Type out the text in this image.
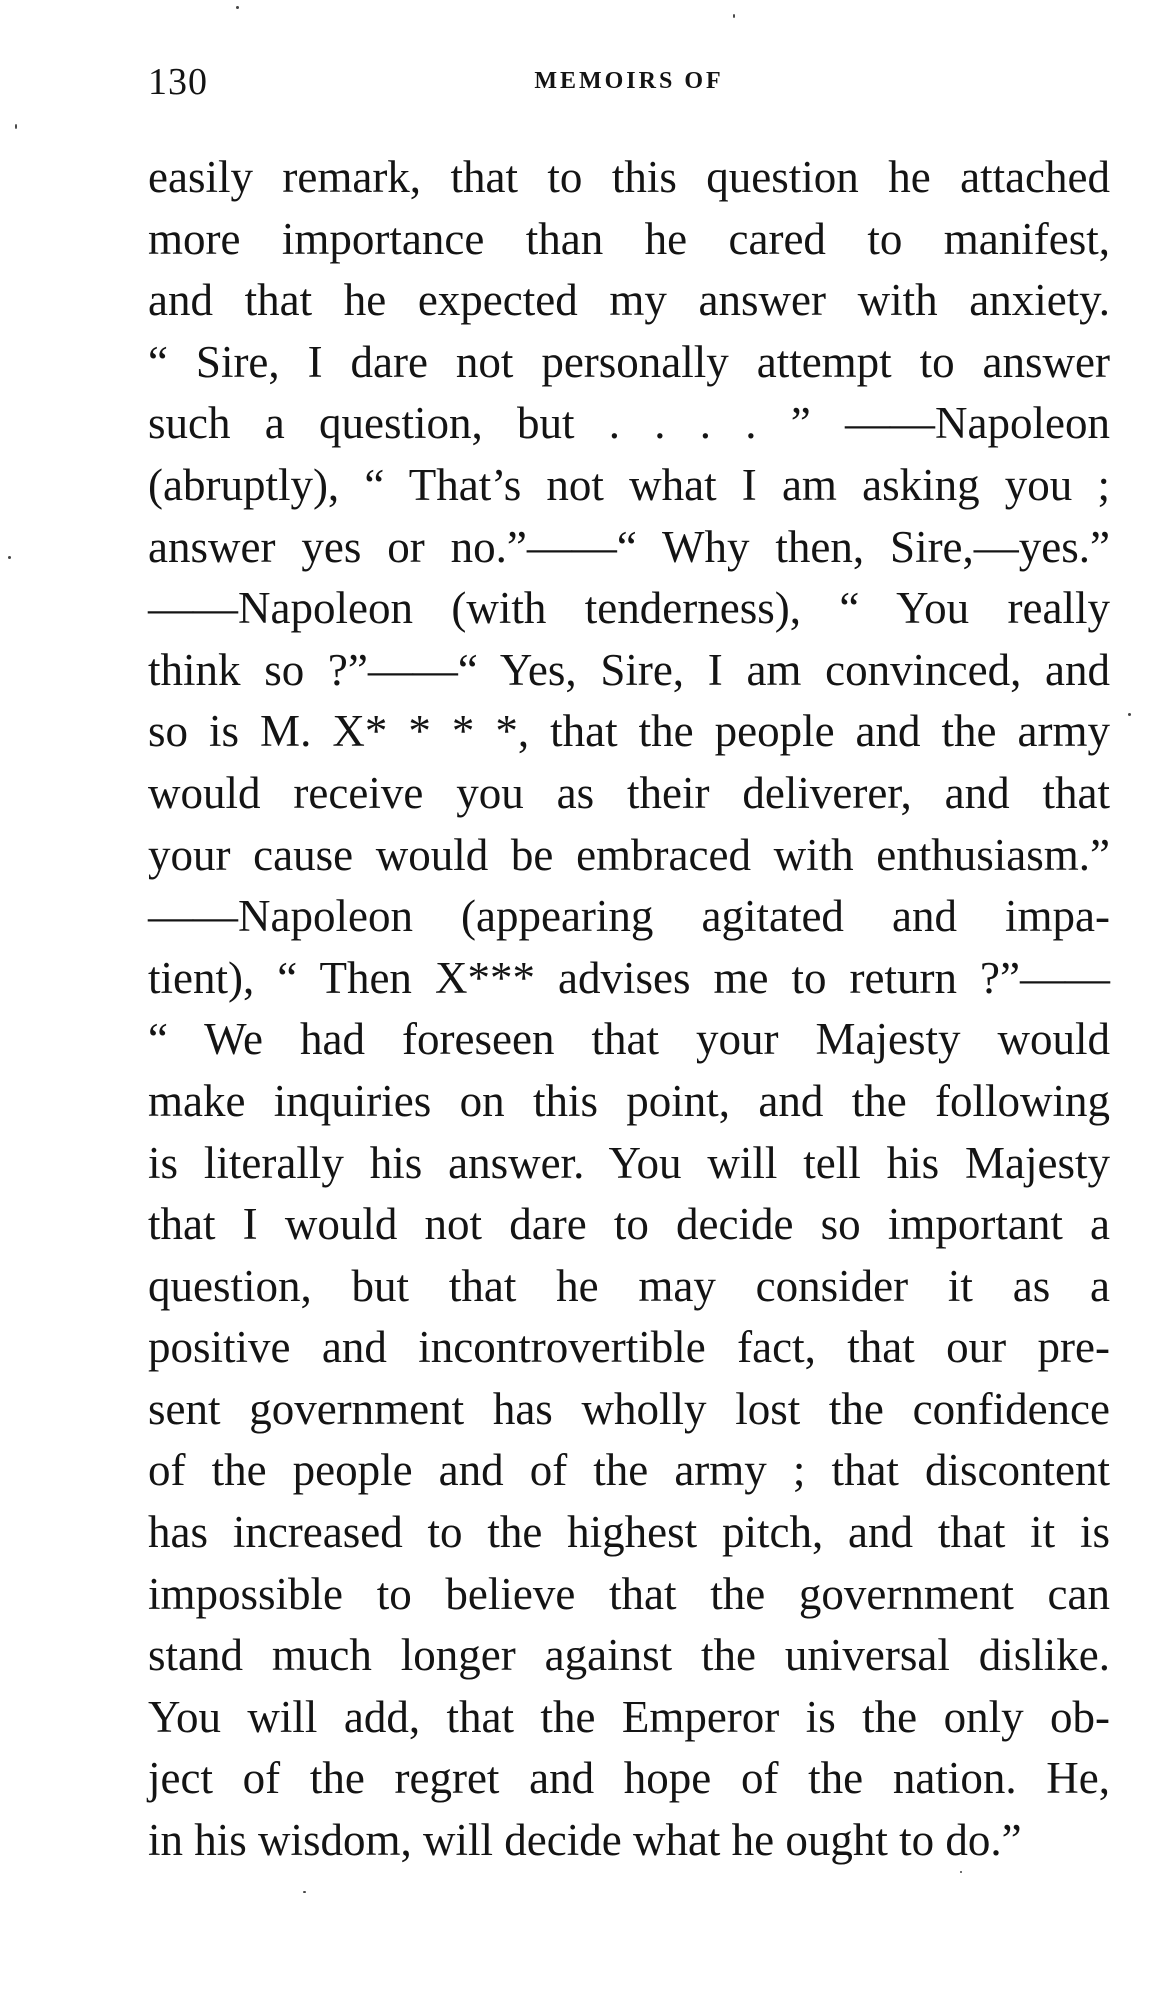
130	MEMOIRS OF
easily remark, that to this question he attached
more importance than he cared to manifest,
and that he expected my answer with anxiety.
“ Sire, I dare not personally attempt to answer
such a question, but . . . . ” ——Napoleon
(abruptly), “ That’s not what I am asking you ;
answer yes or no.”——“ Why then, Sire,—yes.”
——Napoleon (with tenderness), “ You really
think so ?”——“ Yes, Sire, I am convinced, and
so is M. X* * * *, that the people and the army
would receive you as their deliverer, and that
your cause would be embraced with enthusiasm.”
——Napoleon (appearing agitated and impa-
tient), “ Then X*** advises me to return ?”——
“ We had foreseen that your Majesty would
make inquiries on this point, and the following
is literally his answer. You will tell his Majesty
that I would not dare to decide so important a
question, but that he may consider it as a
positive and incontrovertible fact, that our pre-
sent government has wholly lost the confidence
of the people and of the army ; that discontent
has increased to the highest pitch, and that it is
impossible to believe that the government can
stand much longer against the universal dislike.
You will add, that the Emperor is the only ob-
ject of the regret and hope of the nation. He,
in his wisdom, will decide what he ought to do.”
